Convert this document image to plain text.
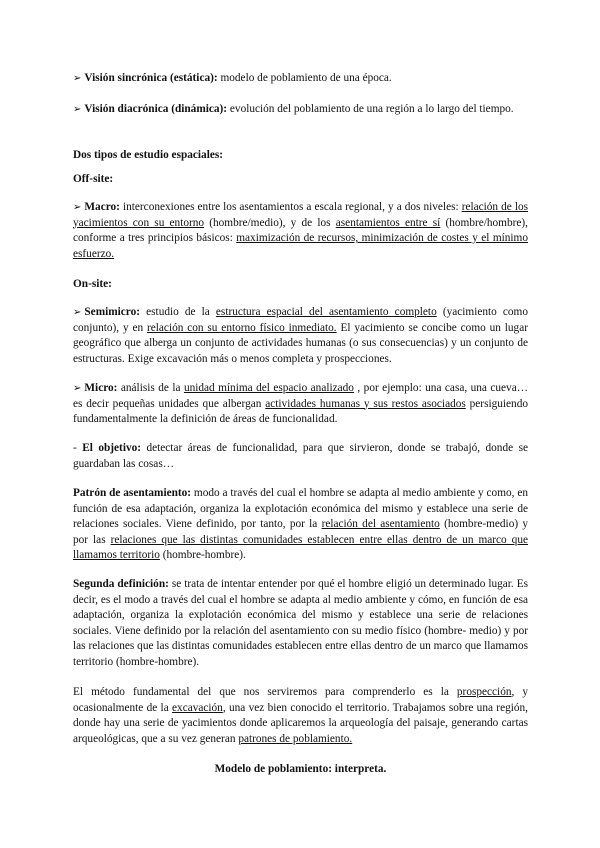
➢ Visión sincrónica (estática): modelo de poblamiento de una época.

➢ Visión diacrónica (dinámica): evolución del poblamiento de una región a lo largo del tiempo.

Dos tipos de estudio espaciales:

Off-site:

➢ Macro: interconexiones entre los asentamientos a escala regional, y a dos niveles: relación de los yacimientos con su entorno (hombre/medio), y de los asentamientos entre sí (hombre/hombre), conforme a tres principios básicos: maximización de recursos, minimización de costes y el mínimo esfuerzo.

On-site:

➢ Semimicro: estudio de la estructura espacial del asentamiento completo (yacimiento como conjunto), y en relación con su entorno físico inmediato. El yacimiento se concibe como un lugar geográfico que alberga un conjunto de actividades humanas (o sus consecuencias) y un conjunto de estructuras. Exige excavación más o menos completa y prospecciones.

➢ Micro: análisis de la unidad mínima del espacio analizado , por ejemplo: una casa, una cueva… es decir pequeñas unidades que albergan actividades humanas y sus restos asociados persiguiendo fundamentalmente la definición de áreas de funcionalidad.

- El objetivo: detectar áreas de funcionalidad, para que sirvieron, donde se trabajó, donde se guardaban las cosas…

Patrón de asentamiento: modo a través del cual el hombre se adapta al medio ambiente y como, en función de esa adaptación, organiza la explotación económica del mismo y establece una serie de relaciones sociales. Viene definido, por tanto, por la relación del asentamiento (hombre-medio) y por las relaciones que las distintas comunidades establecen entre ellas dentro de un marco que llamamos territorio (hombre-hombre).

Segunda definición: se trata de intentar entender por qué el hombre eligió un determinado lugar. Es decir, es el modo a través del cual el hombre se adapta al medio ambiente y cómo, en función de esa adaptación, organiza la explotación económica del mismo y establece una serie de relaciones sociales. Viene definido por la relación del asentamiento con su medio físico (hombre- medio) y por las relaciones que las distintas comunidades establecen entre ellas dentro de un marco que llamamos territorio (hombre-hombre).

El método fundamental del que nos serviremos para comprenderlo es la prospección, y ocasionalmente de la excavación, una vez bien conocido el territorio. Trabajamos sobre una región, donde hay una serie de yacimientos donde aplicaremos la arqueología del paisaje, generando cartas arqueológicas, que a su vez generan patrones de poblamiento.

Modelo de poblamiento: interpreta.
